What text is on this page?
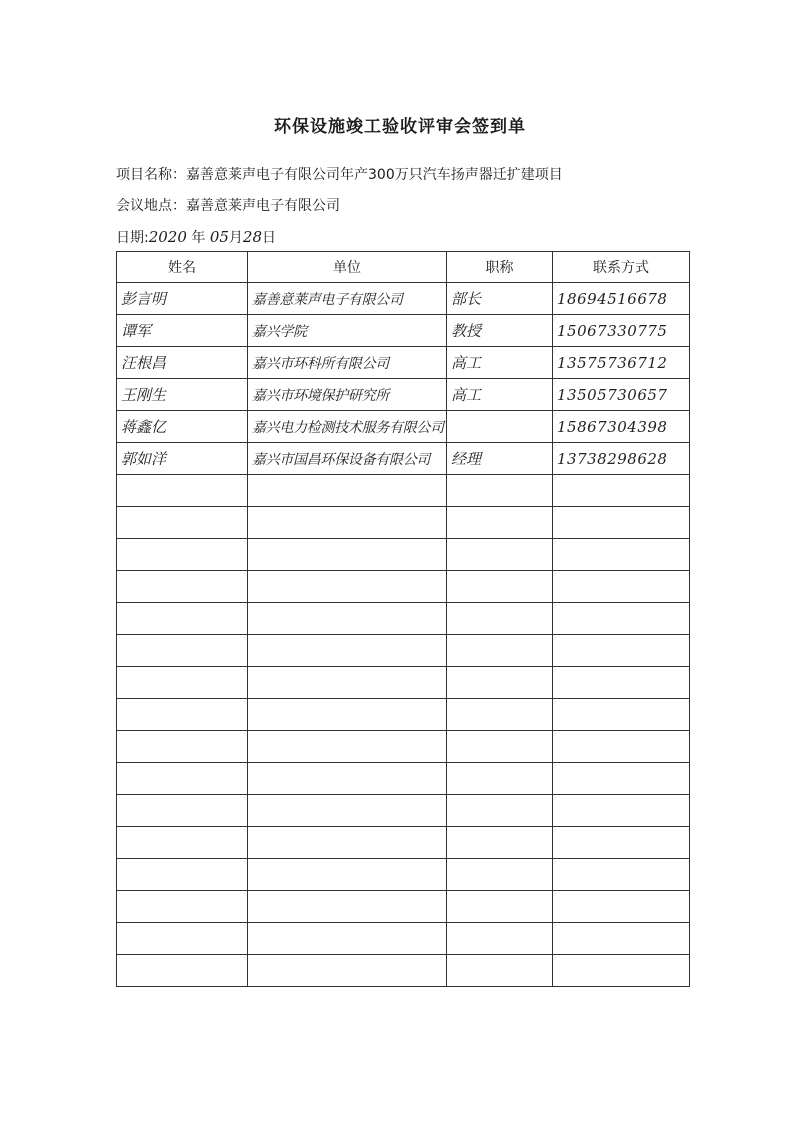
环保设施竣工验收评审会签到单
项目名称：嘉善意莱声电子有限公司年产300万只汽车扬声器迁扩建项目
会议地点：嘉善意莱声电子有限公司
日期:2020 年 05月28日
姓名	单位	职称	联系方式
彭言明	嘉善意莱声电子有限公司	部长	18694516678
谭军	嘉兴学院	教授	15067330775
汪根昌	嘉兴市环科所有限公司	高工	13575736712
王刚生	嘉兴市环境保护研究所	高工	13505730657
蒋鑫亿	嘉兴电力检测技术服务有限公司		15867304398
郭如洋	嘉兴市国昌环保设备有限公司	经理	13738298628
